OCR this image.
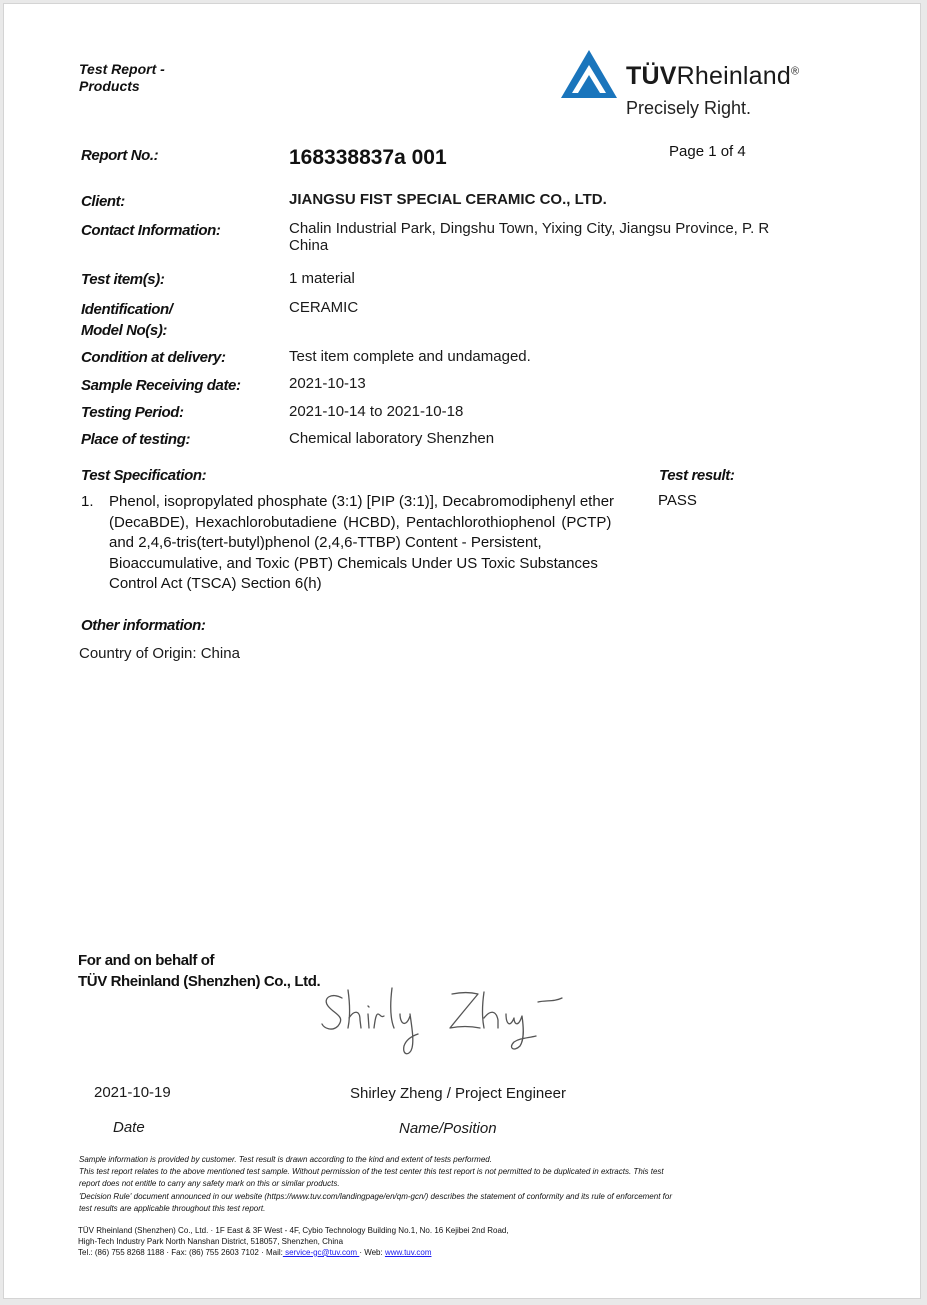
Test Report -
Products	TÜVRheinland®
Precisely Right.
Report No.:	168338837a 001	Page 1 of 4
Client:	JIANGSU FIST SPECIAL CERAMIC CO., LTD.
Contact Information:	Chalin Industrial Park, Dingshu Town, Yixing City, Jiangsu Province, P. R
China
Test item(s):	1 material
Identification/
Model No(s):
CERAMIC
Condition at delivery:	Test item complete and undamaged.
Sample Receiving date:	2021-10-13
Testing Period:	2021-10-14 to 2021-10-18
Place of testing:	Chemical laboratory Shenzhen
Test Specification:	Test result:
1. Phenol, isopropylated phosphate (3:1) [PIP (3:1)], Decabromodiphenyl ether
(DecaBDE), Hexachlorobutadiene (HCBD), Pentachlorothiophenol (PCTP)
and 2,4,6-tris(tert-butyl)phenol (2,4,6-TTBP) Content - Persistent,
Bioaccumulative, and Toxic (PBT) Chemicals Under US Toxic Substances
Control Act (TSCA) Section 6(h)
PASS
Other information:
Country of Origin: China
For and on behalf of
TÜV Rheinland (Shenzhen) Co., Ltd.
2021-10-19	Shirley Zheng / Project Engineer
Date	Name/Position
Sample information is provided by customer. Test result is drawn according to the kind and extent of tests performed.
This test report relates to the above mentioned test sample. Without permission of the test center this test report is not permitted to be duplicated in extracts. This test
report does not entitle to carry any safety mark on this or similar products.
'Decision Rule' document announced in our website (https://www.tuv.com/landingpage/en/qm-gcn/) describes the statement of conformity and its rule of enforcement for
test results are applicable throughout this test report.
TÜV Rheinland (Shenzhen) Co., Ltd. · 1F East & 3F West - 4F, Cybio Technology Building No.1, No. 16 Kejibei 2nd Road,
High-Tech Industry Park North Nanshan District, 518057, Shenzhen, China
Tel.: (86) 755 8268 1188 · Fax: (86) 755 2603 7102 · Mail: service-gc@tuv.com · Web: www.tuv.com
